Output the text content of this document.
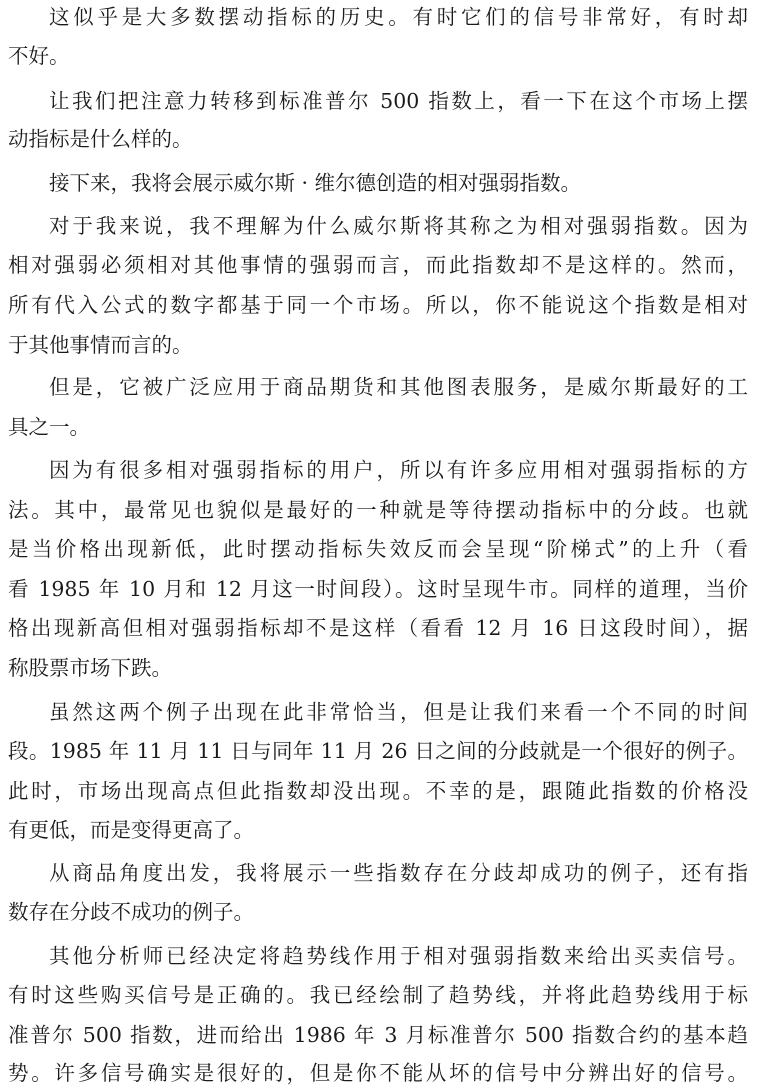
这似乎是大多数摆动指标的历史。有时它们的信号非常好，有时却
不好。
让我们把注意力转移到标准普尔 500 指数上，看一下在这个市场上摆
动指标是什么样的。
接下来，我将会展示威尔斯 · 维尔德创造的相对强弱指数。
对于我来说，我不理解为什么威尔斯将其称之为相对强弱指数。因为
相对强弱必须相对其他事情的强弱而言，而此指数却不是这样的。然而，
所有代入公式的数字都基于同一个市场。所以，你不能说这个指数是相对
于其他事情而言的。
但是，它被广泛应用于商品期货和其他图表服务，是威尔斯最好的工
具之一。
因为有很多相对强弱指标的用户，所以有许多应用相对强弱指标的方
法。其中，最常见也貌似是最好的一种就是等待摆动指标中的分歧。也就
是当价格出现新低，此时摆动指标失效反而会呈现“阶梯式”的上升（看
看 1985 年 10 月和 12 月这一时间段）。这时呈现牛市。同样的道理，当价
格出现新高但相对强弱指标却不是这样（看看 12 月 16 日这段时间），据
称股票市场下跌。
虽然这两个例子出现在此非常恰当，但是让我们来看一个不同的时间
段。1985 年 11 月 11 日与同年 11 月 26 日之间的分歧就是一个很好的例子。
此时，市场出现高点但此指数却没出现。不幸的是，跟随此指数的价格没
有更低，而是变得更高了。
从商品角度出发，我将展示一些指数存在分歧却成功的例子，还有指
数存在分歧不成功的例子。
其他分析师已经决定将趋势线作用于相对强弱指数来给出买卖信号。
有时这些购买信号是正确的。我已经绘制了趋势线，并将此趋势线用于标
准普尔 500 指数，进而给出 1986 年 3 月标准普尔 500 指数合约的基本趋
势。许多信号确实是很好的，但是你不能从坏的信号中分辨出好的信号。
